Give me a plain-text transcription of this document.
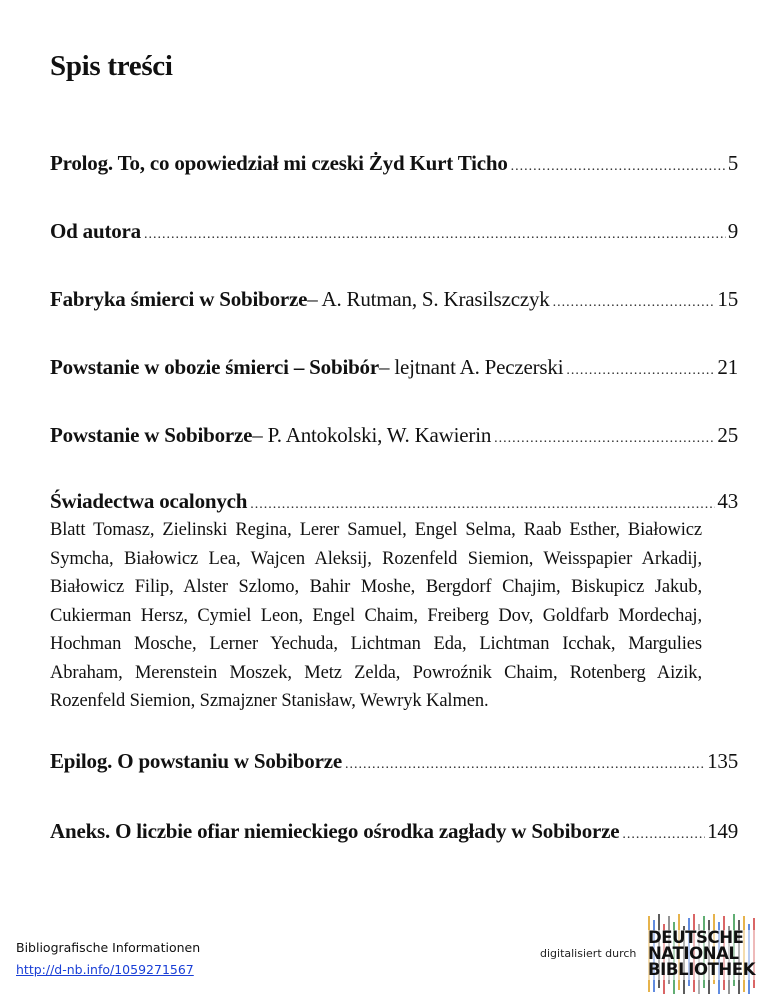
Spis treści
Prolog. To, co opowiedział mi czeski Żyd Kurt Ticho .....	5
Od autora .....	9
Fabryka śmierci w Sobiborze – A. Rutman, S. Krasilszczyk .....	15
Powstanie w obozie śmierci – Sobibór – lejtnant A. Peczerski .....	21
Powstanie w Sobiborze – P. Antokolski, W. Kawierin .....	25
Świadectwa ocalonych .....	43
Blatt Tomasz, Zielinski Regina, Lerer Samuel, Engel Selma, Raab Esther, Białowicz Symcha, Białowicz Lea, Wajcen Aleksij, Rozenfeld Siemion, Weisspapier Arkadij, Białowicz Filip, Alster Szlomo, Bahir Moshe, Bergdorf Chajim, Biskupicz Jakub, Cukierman Hersz, Cymiel Leon, Engel Chaim, Freiberg Dov, Goldfarb Mordechaj, Hochman Mosche, Lerner Yechuda, Lichtman Eda, Lichtman Icchak, Margulies Abraham, Merenstein Moszek, Metz Zelda, Powroźnik Chaim, Rotenberg Aizik, Rozenfeld Siemion, Szmajzner Stanisław, Wewryk Kalmen.
Epilog. O powstaniu w Sobiborze .....	135
Aneks. O liczbie ofiar niemieckiego ośrodka zagłady w Sobiborze .....	149
Bibliografische Informationen
http://d-nb.info/1059271567
digitalisiert durch
DEUTSCHE
NATIONAL
BIBLIOTHEK
